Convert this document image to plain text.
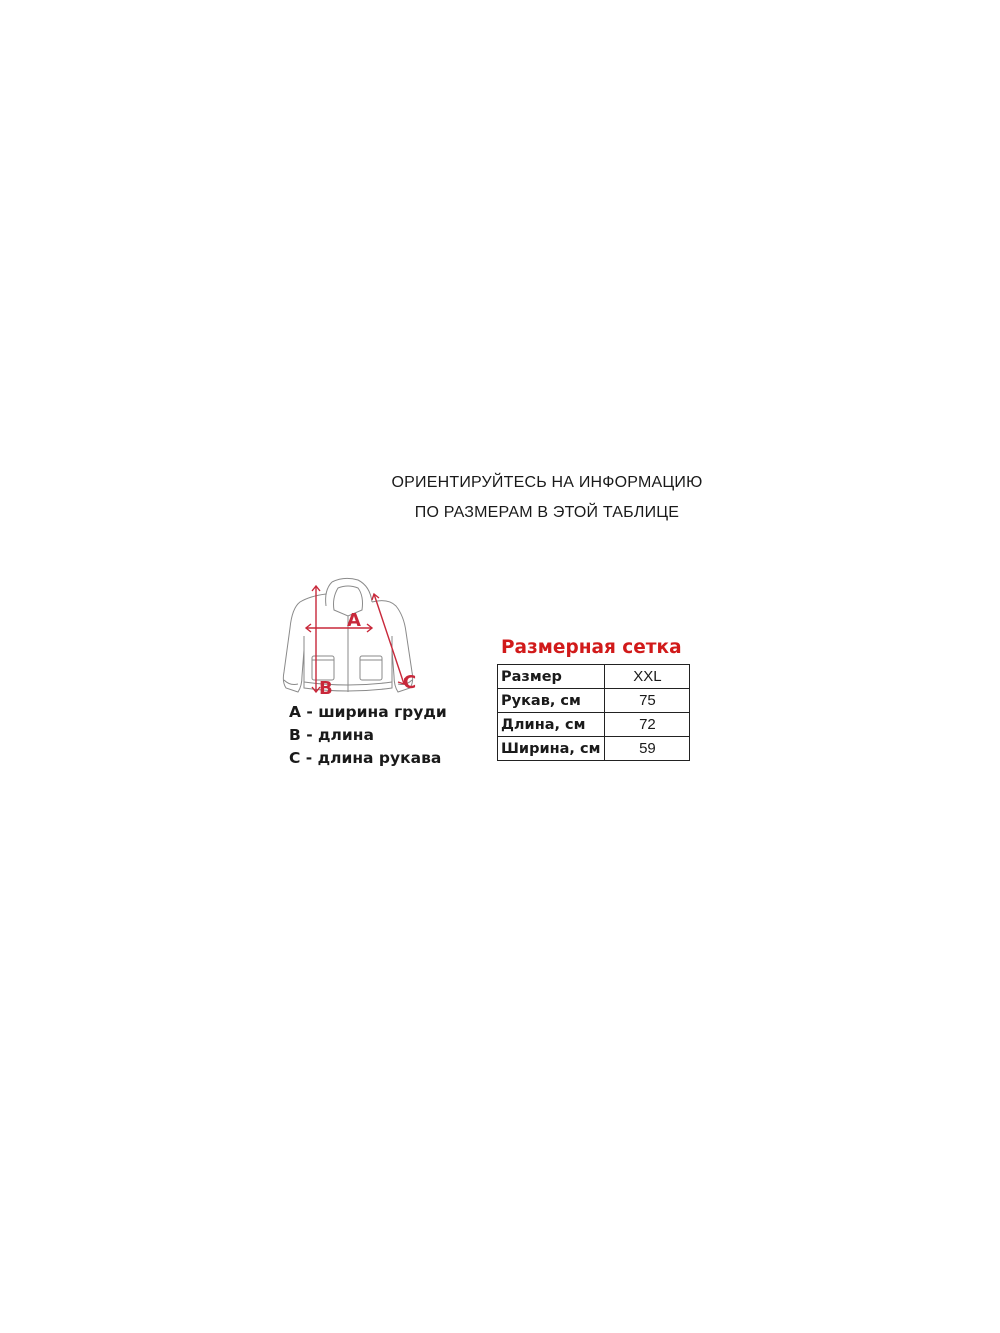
ОРИЕНТИРУЙТЕСЬ НА ИНФОРМАЦИЮ
ПО РАЗМЕРАМ В ЭТОЙ ТАБЛИЦЕ
A
B	C
А - ширина груди
В - длина
С - длина рукава
Размерная сетка
Размер	XXL
Рукав, см	75
Длина, см	72
Ширина, см	59
